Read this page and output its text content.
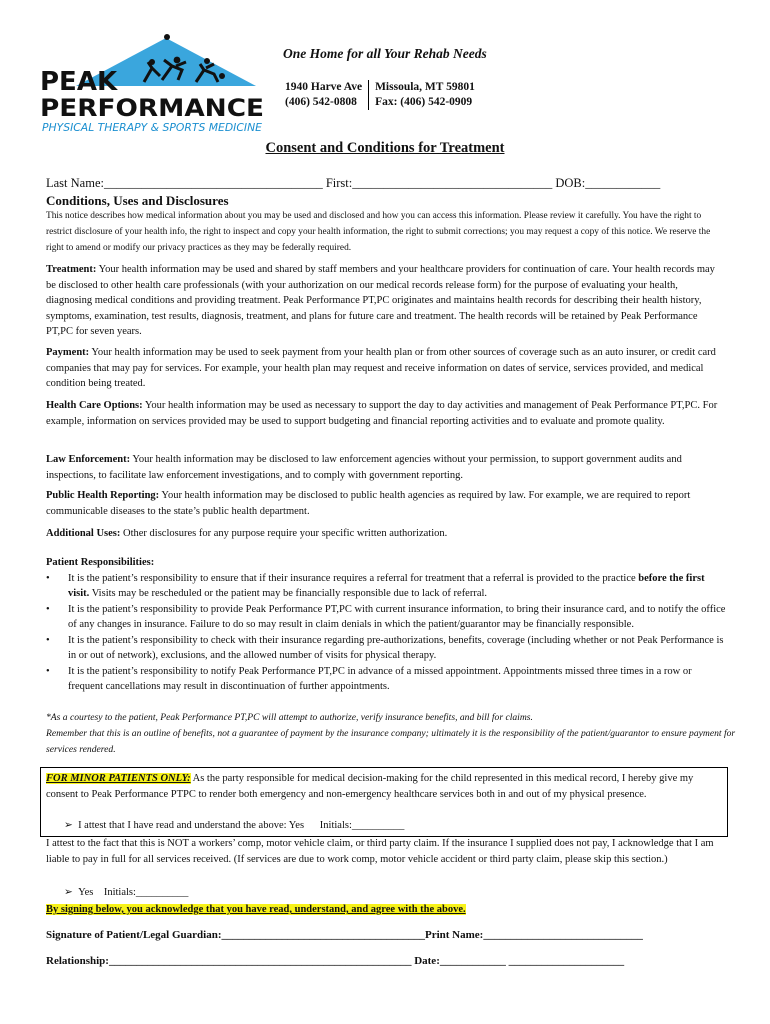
PEAK
PERFORMANCE
PHYSICAL THERAPY & SPORTS MEDICINE
One Home for all Your Rehab Needs
1940 Harve Ave
(406) 542-0808
Missoula, MT 59801
Fax: (406) 542-0909
Consent and Conditions for Treatment
Last Name:___________________________________ First:________________________________ DOB:____________
Conditions, Uses and Disclosures
This notice describes how medical information about you may be used and disclosed and how you can access this information. Please review it carefully. You have the right to restrict disclosure of your health info, the right to inspect and copy your health information, the right to submit corrections; you may request a copy of this notice. We reserve the right to amend or modify our privacy practices as they may be federally required.
Treatment: Your health information may be used and shared by staff members and your healthcare providers for continuation of care. Your health records may be disclosed to other health care professionals (with your authorization on our medical records release form) for the purpose of evaluating your health, diagnosing medical conditions and providing treatment. Peak Performance PT,PC originates and maintains health records for describing their health history, symptoms, examination, test results, diagnosis, treatment, and plans for future care and treatment. The health records will be retained by Peak Performance PT,PC for seven years.
Payment: Your health information may be used to seek payment from your health plan or from other sources of coverage such as an auto insurer, or credit card companies that may pay for services. For example, your health plan may request and receive information on dates of service, services provided, and medical condition being treated.
Health Care Options: Your health information may be used as necessary to support the day to day activities and management of Peak Performance PT,PC. For example, information on services provided may be used to support budgeting and financial reporting activities and to evaluate and promote quality.
Law Enforcement: Your health information may be disclosed to law enforcement agencies without your permission, to support government audits and inspections, to facilitate law enforcement investigations, and to comply with government reporting.
Public Health Reporting: Your health information may be disclosed to public health agencies as required by law. For example, we are required to report communicable diseases to the state’s public health department.
Additional Uses: Other disclosures for any purpose require your specific written authorization.
Patient Responsibilities:
• It is the patient’s responsibility to ensure that if their insurance requires a referral for treatment that a referral is provided to the practice before the first visit. Visits may be rescheduled or the patient may be financially responsible due to lack of referral.
• It is the patient’s responsibility to provide Peak Performance PT,PC with current insurance information, to bring their insurance card, and to notify the office of any changes in insurance. Failure to do so may result in claim denials in which the patient/guarantor may be financially responsible.
• It is the patient’s responsibility to check with their insurance regarding pre-authorizations, benefits, coverage (including whether or not Peak Performance is in or out of network), exclusions, and the allowed number of visits for physical therapy.
• It is the patient’s responsibility to notify Peak Performance PT,PC in advance of a missed appointment. Appointments missed three times in a row or frequent cancellations may result in discontinuation of further appointments.
*As a courtesy to the patient, Peak Performance PT,PC will attempt to authorize, verify insurance benefits, and bill for claims.
Remember that this is an outline of benefits, not a guarantee of payment by the insurance company; ultimately it is the responsibility of the patient/guarantor to ensure payment for services rendered.
FOR MINOR PATIENTS ONLY: As the party responsible for medical decision-making for the child represented in this medical record, I hereby give my consent to Peak Performance PTPC to render both emergency and non-emergency healthcare services both in and out of my physical presence.
➢ I attest that I have read and understand the above: Yes Initials:__________
I attest to the fact that this is NOT a workers’ comp, motor vehicle claim, or third party claim. If the insurance I supplied does not pay, I acknowledge that I am liable to pay in full for all services received. (If services are due to work comp, motor vehicle accident or third party claim, please skip this section.)
➢ Yes Initials:__________
By signing below, you acknowledge that you have read, understand, and agree with the above.
Signature of Patient/Legal Guardian:_____________________________________Print Name:_____________________________
Relationship:_______________________________________________________ Date:____________ _____________________
